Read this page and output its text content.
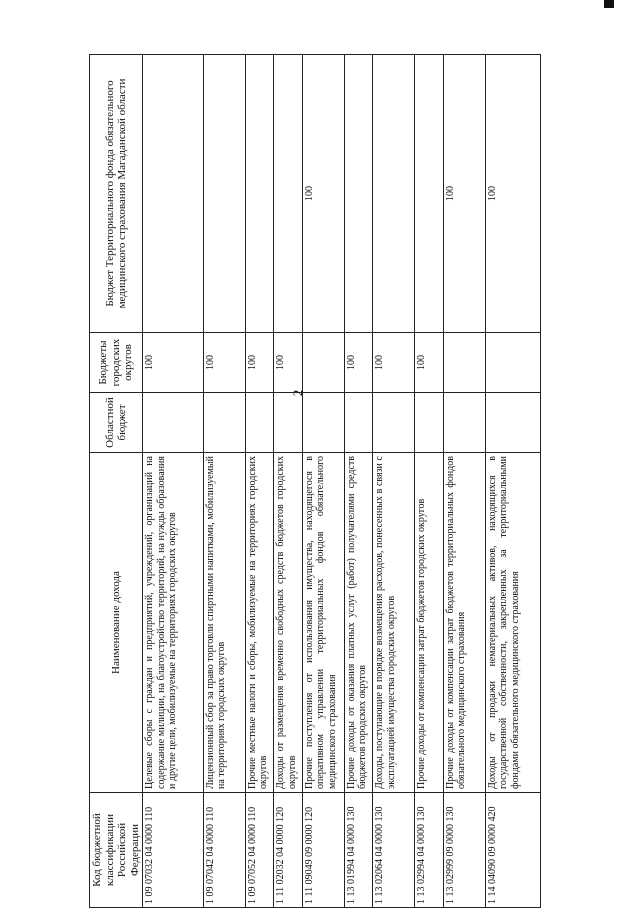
2
Код бюджетной классификации Российской Федерации	Наименование дохода	Областной бюджет	Бюджеты городских округов	Бюджет Территориального фонда обязательного медицинского страхования Магаданской области
1 09 07032 04 0000 110	Целевые сборы с граждан и предприятий, учреждений, организаций на содержание милиции, на благоустройство территорий, на нужды образования и другие цели, мобилизуемые на территориях городских округов		100	
1 09 07042 04 0000 110	Лицензионный сбор за право торговли спиртными напитками, мобилизуемый на территориях городских округов		100	
1 09 07052 04 0000 110	Прочие местные налоги и сборы, мобилизуемые на территориях городских округов		100	
1 11 02032 04 0000 120	Доходы от размещения временно свободных средств бюджетов городских округов		100	
1 11 09049 09 0000 120	Прочие поступления от использования имущества, находящегося в оперативном управлении территориальных фондов обязательного медицинского страхования			100
1 13 01994 04 0000 130	Прочие доходы от оказания платных услуг (работ) получателями средств бюджетов городских округов		100	
1 13 02064 04 0000 130	Доходы, поступающие в порядке возмещения расходов, понесенных в связи с эксплуатацией имущества городских округов		100	
1 13 02994 04 0000 130	Прочие доходы от компенсации затрат бюджетов городских округов		100	
1 13 02999 09 0000 130	Прочие доходы от компенсации затрат бюджетов территориальных фондов обязательного медицинского страхования			100
1 14 04090 09 0000 420	Доходы от продажи нематериальных активов, находящихся в государственной собственности, закрепленных за территориальными фондами обязательного медицинского страхования			100
